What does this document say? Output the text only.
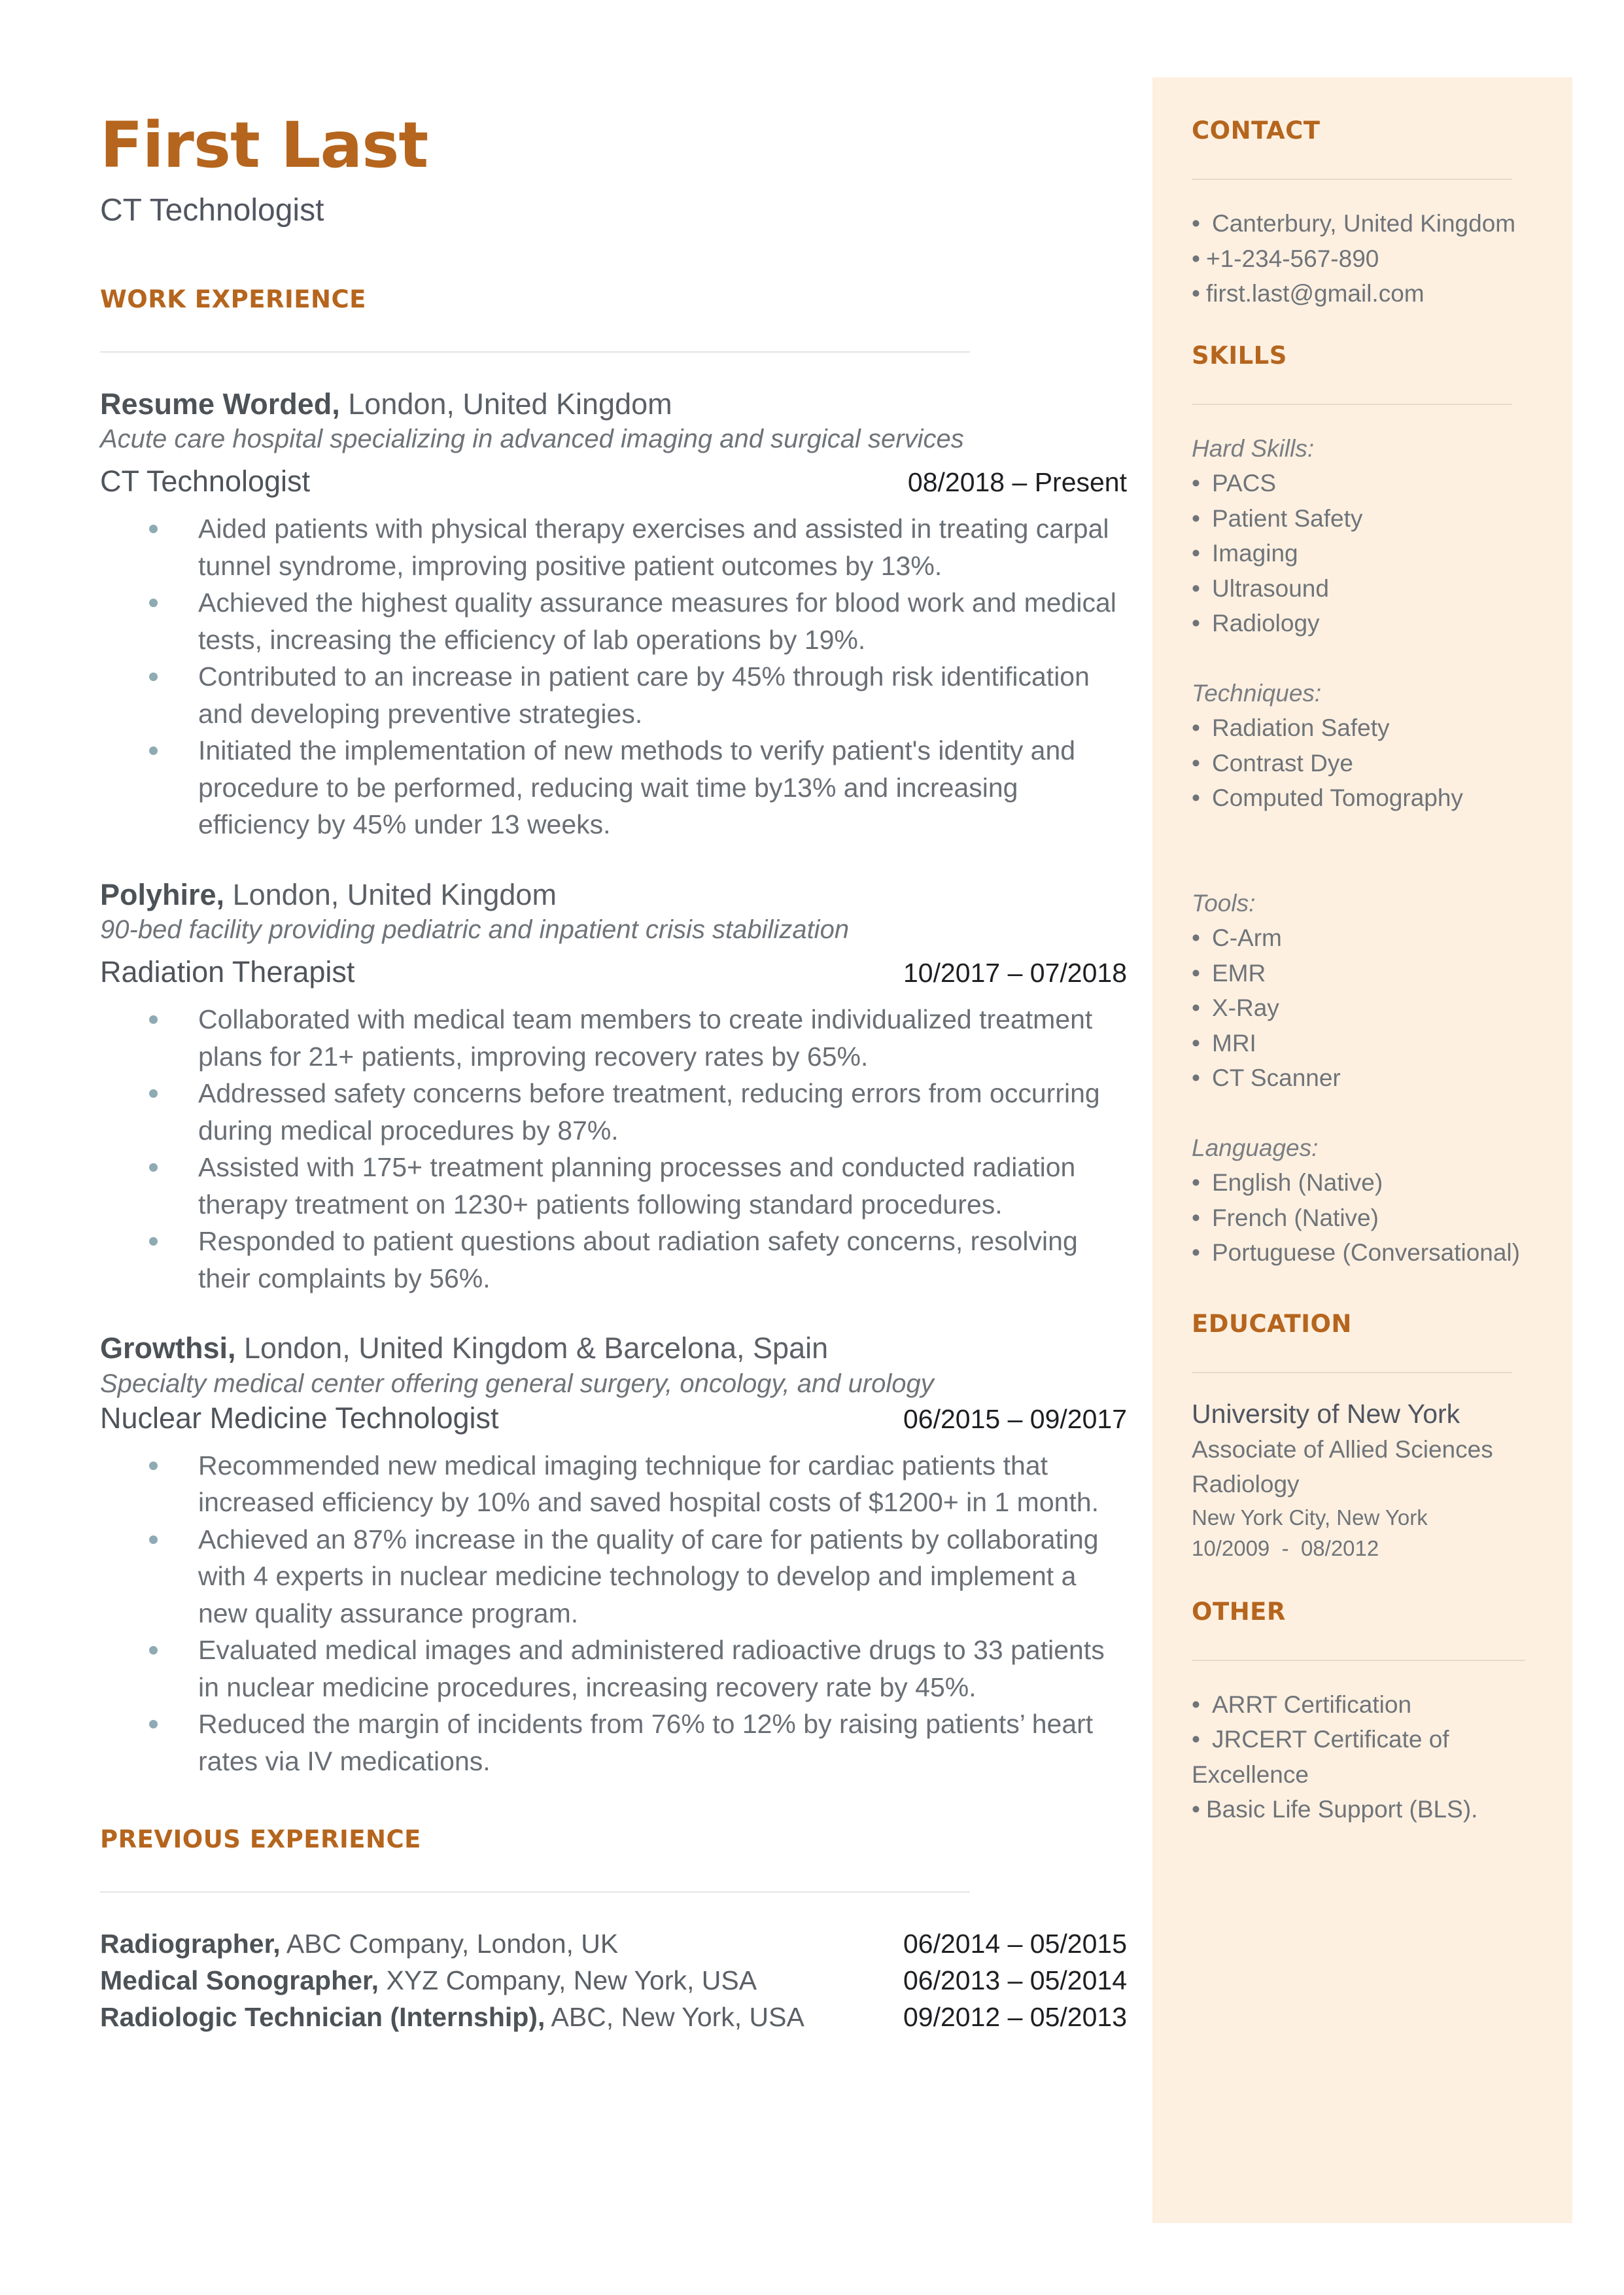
First Last
CT Technologist
WORK EXPERIENCE
Resume Worded, London, United Kingdom
Acute care hospital specializing in advanced imaging and surgical services
CT Technologist	08/2018 – Present
Aided patients with physical therapy exercises and assisted in treating carpal tunnel syndrome, improving positive patient outcomes by 13%.
Achieved the highest quality assurance measures for blood work and medical tests, increasing the efficiency of lab operations by 19%.
Contributed to an increase in patient care by 45% through risk identification and developing preventive strategies.
Initiated the implementation of new methods to verify patient's identity and procedure to be performed, reducing wait time by13% and increasing efficiency by 45% under 13 weeks.
Polyhire, London, United Kingdom
90-bed facility providing pediatric and inpatient crisis stabilization
Radiation Therapist	10/2017 – 07/2018
Collaborated with medical team members to create individualized treatment plans for 21+ patients, improving recovery rates by 65%.
Addressed safety concerns before treatment, reducing errors from occurring during medical procedures by 87%.
Assisted with 175+ treatment planning processes and conducted radiation therapy treatment on 1230+ patients following standard procedures.
Responded to patient questions about radiation safety concerns, resolving their complaints by 56%.
Growthsi, London, United Kingdom & Barcelona, Spain
Specialty medical center offering general surgery, oncology, and urology
Nuclear Medicine Technologist	06/2015 – 09/2017
Recommended new medical imaging technique for cardiac patients that increased efficiency by 10% and saved hospital costs of $1200+ in 1 month.
Achieved an 87% increase in the quality of care for patients by collaborating with 4 experts in nuclear medicine technology to develop and implement a new quality assurance program.
Evaluated medical images and administered radioactive drugs to 33 patients in nuclear medicine procedures, increasing recovery rate by 45%.
Reduced the margin of incidents from 76% to 12% by raising patients’ heart rates via IV medications.
PREVIOUS EXPERIENCE
Radiographer, ABC Company, London, UK	06/2014 – 05/2015
Medical Sonographer, XYZ Company, New York, USA	06/2013 – 05/2014
Radiologic Technician (Internship), ABC, New York, USA	09/2012 – 05/2013
CONTACT
• Canterbury, United Kingdom
• +1-234-567-890
• first.last@gmail.com
SKILLS
Hard Skills:
• PACS
• Patient Safety
• Imaging
• Ultrasound
• Radiology
Techniques:
• Radiation Safety
• Contrast Dye
• Computed Tomography
Tools:
• C-Arm
• EMR
• X-Ray
• MRI
• CT Scanner
Languages:
• English (Native)
• French (Native)
• Portuguese (Conversational)
EDUCATION
University of New York
Associate of Allied Sciences
Radiology
New York City, New York
10/2009  -  08/2012
OTHER
• ARRT Certification
• JRCERT Certificate of Excellence
• Basic Life Support (BLS).
